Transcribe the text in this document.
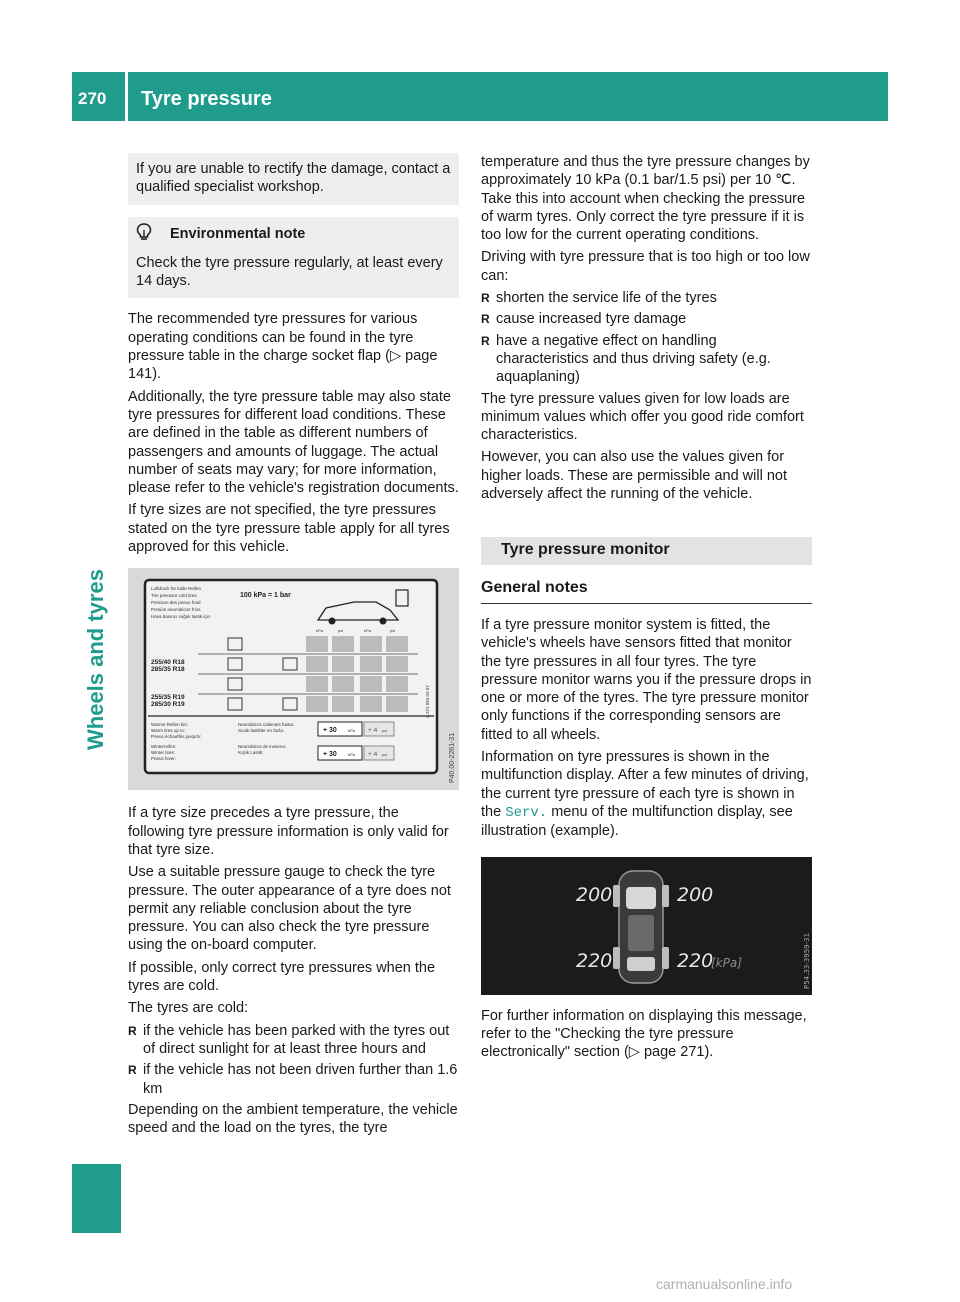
270 Tyre pressure
Wheels and tyres

If you are unable to rectify the damage, contact a qualified specialist workshop.

Environmental note

Check the tyre pressure regularly, at least every 14 days.

The recommended tyre pressures for various operating conditions can be found in the tyre pressure table in the charge socket flap (▷ page 141).

Additionally, the tyre pressure table may also state tyre pressures for different load conditions. These are defined in the table as different numbers of passengers and amounts of luggage. The actual number of seats may vary; for more information, please refer to the vehicle's registration documents.

If tyre sizes are not specified, the tyre pressures stated on the tyre pressure table apply for all tyres approved for this vehicle.

100 kPa = 1 bar
Luftdruck für kalte Reifen
Tire pressure cold tires
Pression des pneus froid
Presión neumáticos fríos
Hava basıncı soğuk lastik için
kPa	psi	kPa	psi
255/40 R18
285/35 R18
255/35 R19
285/30 R19
Warme Reifen bis:
Warm tires up to:
Pneus échauffés jusqu'à:
Neumáticos calientes hasta:
Sıcak lastikler en fazla:
Winterreifen:
Winter tires:
Pneus hiver:
Neumáticos de invierno:
Kışlık Lastik:
+ 30	kPa + 4 psi
+ 30	kPa + 4 psi
A 221 584 03 07
P40.00-2261-31

If a tyre size precedes a tyre pressure, the following tyre pressure information is only valid for that tyre size.

Use a suitable pressure gauge to check the tyre pressure. The outer appearance of a tyre does not permit any reliable conclusion about the tyre pressure. You can also check the tyre pressure using the on-board computer.

If possible, only correct tyre pressures when the tyres are cold.

The tyres are cold:

R if the vehicle has been parked with the tyres out of direct sunlight for at least three hours and
R if the vehicle has not been driven further than 1.6 km

Depending on the ambient temperature, the vehicle speed and the load on the tyres, the tyre

temperature and thus the tyre pressure changes by approximately 10 kPa (0.1 bar/1.5 psi) per 10 ℃. Take this into account when checking the pressure of warm tyres. Only correct the tyre pressure if it is too low for the current operating conditions.

Driving with tyre pressure that is too high or too low can:

R shorten the service life of the tyres
R cause increased tyre damage
R have a negative effect on handling characteristics and thus driving safety (e.g. aquaplaning)

The tyre pressure values given for low loads are minimum values which offer you good ride comfort characteristics.

However, you can also use the values given for higher loads. These are permissible and will not adversely affect the running of the vehicle.

Tyre pressure monitor
General notes

If a tyre pressure monitor system is fitted, the vehicle's wheels have sensors fitted that monitor the tyre pressures in all four tyres. The tyre pressure monitor warns you if the pressure drops in one or more of the tyres. The tyre pressure monitor only functions if the corresponding sensors are fitted to all wheels.

Information on tyre pressures is shown in the multifunction display. After a few minutes of driving, the current tyre pressure of each tyre is shown in the Serv. menu of the multifunction display, see illustration (example).

200	200
220	220
[kPa]	P54.33-3959-31

For further information on displaying this message, refer to the "Checking the tyre pressure electronically" section (▷ page 271).

carmanualsonline.info
